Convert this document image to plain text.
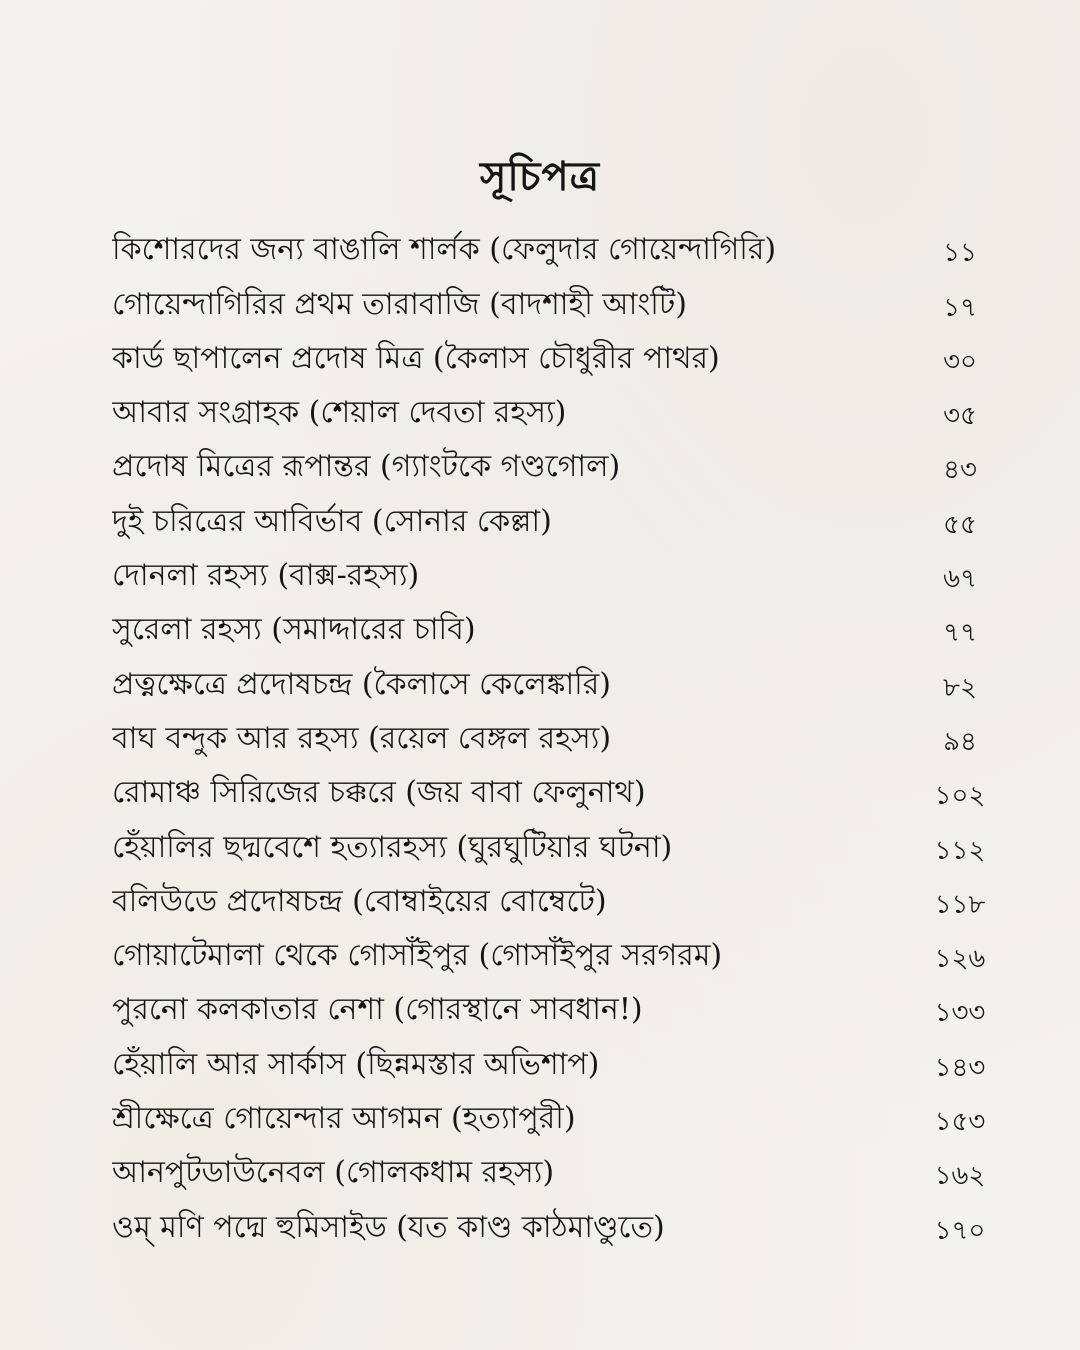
সূচিপত্র
কিশোরদের জন্য বাঙালি শার্লক (ফেলুদার গোয়েন্দাগিরি)	১১
গোয়েন্দাগিরির প্রথম তারাবাজি (বাদশাহী আংটি)	১৭
কার্ড ছাপালেন প্রদোষ মিত্র (কৈলাস চৌধুরীর পাথর)	৩০
আবার সংগ্রাহক (শেয়াল দেবতা রহস্য)	৩৫
প্রদোষ মিত্রের রূপান্তর (গ্যাংটকে গণ্ডগোল)	৪৩
দুই চরিত্রের আবির্ভাব (সোনার কেল্লা)	৫৫
দোনলা রহস্য (বাক্স-রহস্য)	৬৭
সুরেলা রহস্য (সমাদ্দারের চাবি)	৭৭
প্রত্নক্ষেত্রে প্রদোষচন্দ্র (কৈলাসে কেলেঙ্কারি)	৮২
বাঘ বন্দুক আর রহস্য (রয়েল বেঙ্গল রহস্য)	৯৪
রোমাঞ্চ সিরিজের চক্করে (জয় বাবা ফেলুনাথ)	১০২
হেঁয়ালির ছদ্মবেশে হত্যারহস্য (ঘুরঘুটিয়ার ঘটনা)	১১২
বলিউডে প্রদোষচন্দ্র (বোম্বাইয়ের বোম্বেটে)	১১৮
গোয়াটেমালা থেকে গোসাঁইপুর (গোসাঁইপুর সরগরম)	১২৬
পুরনো কলকাতার নেশা (গোরস্থানে সাবধান!)	১৩৩
হেঁয়ালি আর সার্কাস (ছিন্নমস্তার অভিশাপ)	১৪৩
শ্রীক্ষেত্রে গোয়েন্দার আগমন (হত্যাপুরী)	১৫৩
আনপুটডাউনেবল (গোলকধাম রহস্য)	১৬২
ওম্ মণি পদ্মে হুমিসাইড (যত কাণ্ড কাঠমাণ্ডুতে)	১৭০
